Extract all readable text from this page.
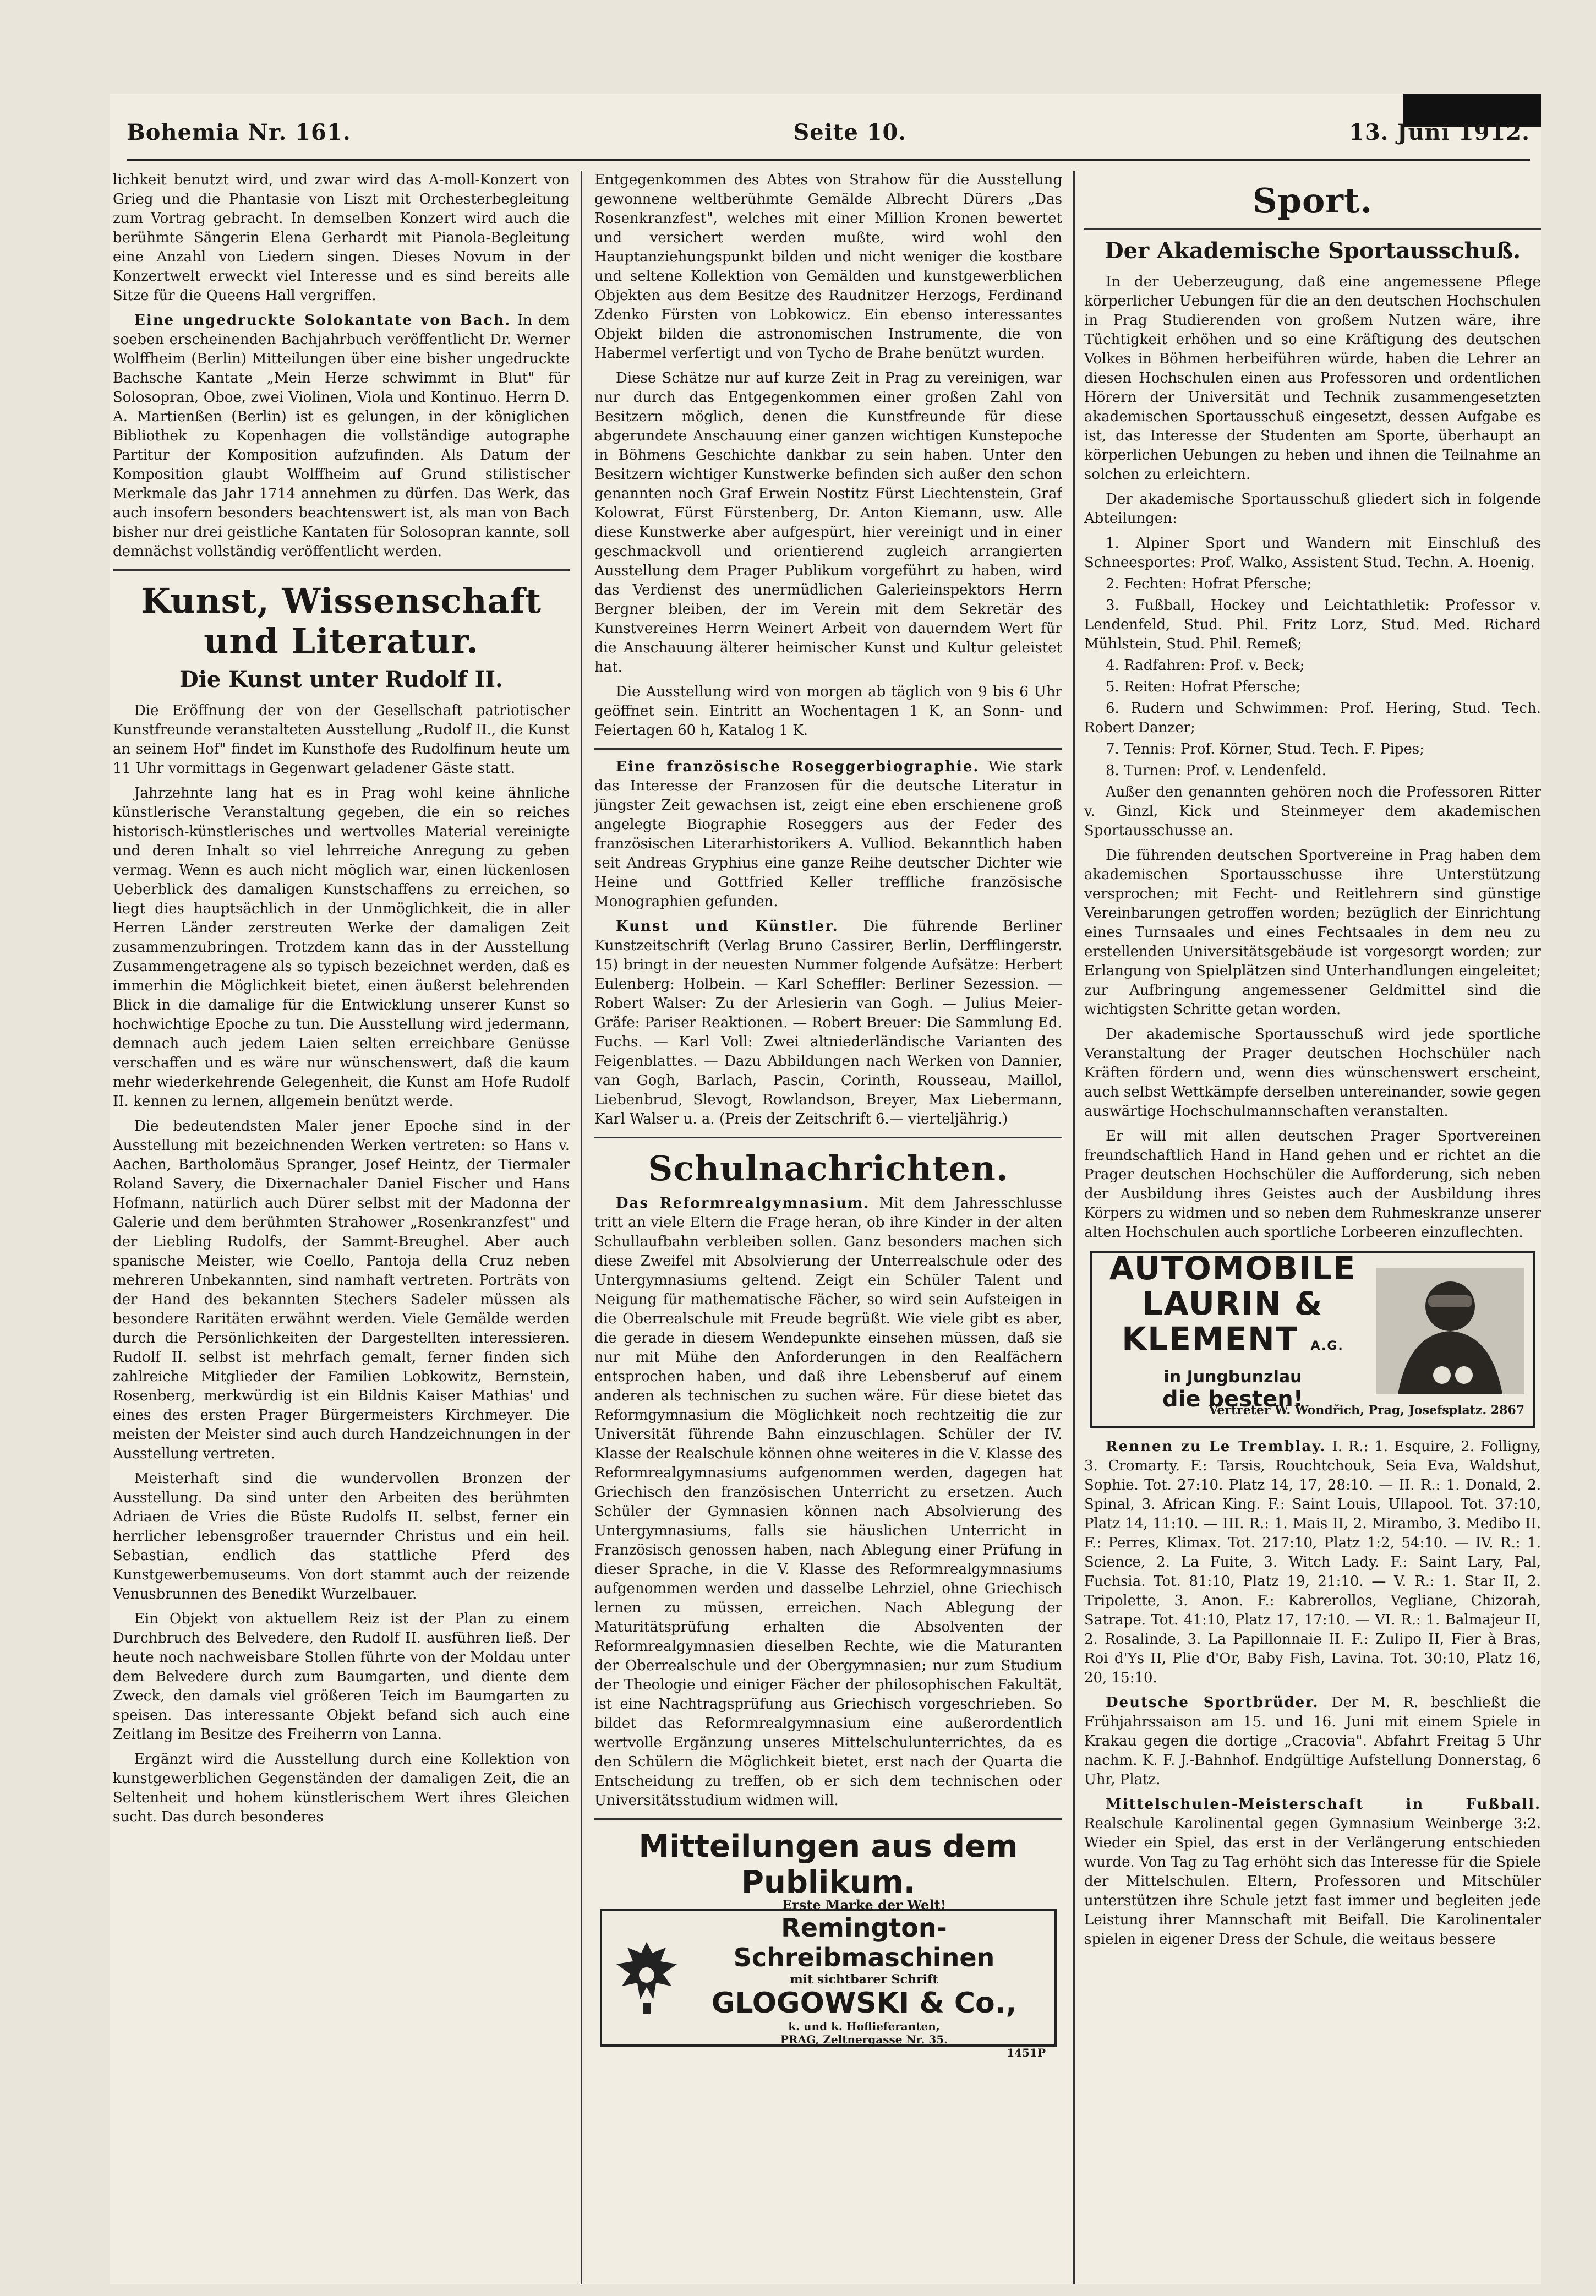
Bohemia Nr. 161.	Seite 10.	13. Juni 1912.

lichkeit benutzt wird, und zwar wird das A-moll-Konzert von Grieg und die Phantasie von Liszt mit Orchesterbegleitung zum Vortrag gebracht. In demselben Konzert wird auch die berühmte Sängerin Elena Gerhardt mit Pianola-Begleitung eine Anzahl von Liedern singen. Dieses Novum in der Konzertwelt erweckt viel Interesse und es sind bereits alle Sitze für die Queens Hall vergriffen.

Eine ungedruckte Solokantate von Bach. In dem soeben erscheinenden Bachjahrbuch veröffentlicht Dr. Werner Wolffheim (Berlin) Mitteilungen über eine bisher ungedruckte Bachsche Kantate „Mein Herze schwimmt in Blut" für Solosopran, Oboe, zwei Violinen, Viola und Kontinuo. Herrn D. A. Martienßen (Berlin) ist es gelungen, in der königlichen Bibliothek zu Kopenhagen die vollständige autographe Partitur der Komposition aufzufinden. Als Datum der Komposition glaubt Wolffheim auf Grund stilistischer Merkmale das Jahr 1714 annehmen zu dürfen. Das Werk, das auch insofern besonders beachtenswert ist, als man von Bach bisher nur drei geistliche Kantaten für Solosopran kannte, soll demnächst vollständig veröffentlicht werden.

Kunst, Wissenschaft und Literatur.
Die Kunst unter Rudolf II.

Die Eröffnung der von der Gesellschaft patriotischer Kunstfreunde veranstalteten Ausstellung „Rudolf II., die Kunst an seinem Hof" findet im Kunsthofe des Rudolfinum heute um 11 Uhr vormittags in Gegenwart geladener Gäste statt.

Jahrzehnte lang hat es in Prag wohl keine ähnliche künstlerische Veranstaltung gegeben, die ein so reiches historisch-künstlerisches und wertvolles Material vereinigte und deren Inhalt so viel lehrreiche Anregung zu geben vermag. Wenn es auch nicht möglich war, einen lückenlosen Ueberblick des damaligen Kunstschaffens zu erreichen, so liegt dies hauptsächlich in der Unmöglichkeit, die in aller Herren Länder zerstreuten Werke der damaligen Zeit zusammenzubringen. Trotzdem kann das in der Ausstellung Zusammengetragene als so typisch bezeichnet werden, daß es immerhin die Möglichkeit bietet, einen äußerst belehrenden Blick in die damalige für die Entwicklung unserer Kunst so hochwichtige Epoche zu tun. Die Ausstellung wird jedermann, demnach auch jedem Laien selten erreichbare Genüsse verschaffen und es wäre nur wünschenswert, daß die kaum mehr wiederkehrende Gelegenheit, die Kunst am Hofe Rudolf II. kennen zu lernen, allgemein benützt werde.

Die bedeutendsten Maler jener Epoche sind in der Ausstellung mit bezeichnenden Werken vertreten: so Hans v. Aachen, Bartholomäus Spranger, Josef Heintz, der Tiermaler Roland Savery, die Dixernachaler Daniel Fischer und Hans Hofmann, natürlich auch Dürer selbst mit der Madonna der Galerie und dem berühmten Strahower „Rosenkranzfest" und der Liebling Rudolfs, der Sammt-Breughel. Aber auch spanische Meister, wie Coello, Pantoja della Cruz neben mehreren Unbekannten, sind namhaft vertreten. Porträts von der Hand des bekannten Stechers Sadeler müssen als besondere Raritäten erwähnt werden. Viele Gemälde werden durch die Persönlichkeiten der Dargestellten interessieren. Rudolf II. selbst ist mehrfach gemalt, ferner finden sich zahlreiche Mitglieder der Familien Lobkowitz, Bernstein, Rosenberg, merkwürdig ist ein Bildnis Kaiser Mathias' und eines des ersten Prager Bürgermeisters Kirchmeyer. Die meisten der Meister sind auch durch Handzeichnungen in der Ausstellung vertreten.

Meisterhaft sind die wundervollen Bronzen der Ausstellung. Da sind unter den Arbeiten des berühmten Adriaen de Vries die Büste Rudolfs II. selbst, ferner ein herrlicher lebensgroßer trauernder Christus und ein heil. Sebastian, endlich das stattliche Pferd des Kunstgewerbemuseums. Von dort stammt auch der reizende Venusbrunnen des Benedikt Wurzelbauer.

Ein Objekt von aktuellem Reiz ist der Plan zu einem Durchbruch des Belvedere, den Rudolf II. ausführen ließ. Der heute noch nachweisbare Stollen führte von der Moldau unter dem Belvedere durch zum Baumgarten, und diente dem Zweck, den damals viel größeren Teich im Baumgarten zu speisen. Das interessante Objekt befand sich auch eine Zeitlang im Besitze des Freiherrn von Lanna.

Ergänzt wird die Ausstellung durch eine Kollektion von kunstgewerblichen Gegenständen der damaligen Zeit, die an Seltenheit und hohem künstlerischem Wert ihres Gleichen sucht. Das durch besonderes

Entgegenkommen des Abtes von Strahow für die Ausstellung gewonnene weltberühmte Gemälde Albrecht Dürers „Das Rosenkranzfest", welches mit einer Million Kronen bewertet und versichert werden mußte, wird wohl den Hauptanziehungspunkt bilden und nicht weniger die kostbare und seltene Kollektion von Gemälden und kunstgewerblichen Objekten aus dem Besitze des Raudnitzer Herzogs, Ferdinand Zdenko Fürsten von Lobkowicz. Ein ebenso interessantes Objekt bilden die astronomischen Instrumente, die von Habermel verfertigt und von Tycho de Brahe benützt wurden.

Diese Schätze nur auf kurze Zeit in Prag zu vereinigen, war nur durch das Entgegenkommen einer großen Zahl von Besitzern möglich, denen die Kunstfreunde für diese abgerundete Anschauung einer ganzen wichtigen Kunstepoche in Böhmens Geschichte dankbar zu sein haben. Unter den Besitzern wichtiger Kunstwerke befinden sich außer den schon genannten noch Graf Erwein Nostitz Fürst Liechtenstein, Graf Kolowrat, Fürst Fürstenberg, Dr. Anton Kiemann, usw. Alle diese Kunstwerke aber aufgespürt, hier vereinigt und in einer geschmackvoll und orientierend zugleich arrangierten Ausstellung dem Prager Publikum vorgeführt zu haben, wird das Verdienst des unermüdlichen Galerieinspektors Herrn Bergner bleiben, der im Verein mit dem Sekretär des Kunstvereines Herrn Weinert Arbeit von dauerndem Wert für die Anschauung älterer heimischer Kunst und Kultur geleistet hat.

Die Ausstellung wird von morgen ab täglich von 9 bis 6 Uhr geöffnet sein. Eintritt an Wochentagen 1 K, an Sonn- und Feiertagen 60 h, Katalog 1 K.

Eine französische Roseggerbiographie. Wie stark das Interesse der Franzosen für die deutsche Literatur in jüngster Zeit gewachsen ist, zeigt eine eben erschienene groß angelegte Biographie Roseggers aus der Feder des französischen Literarhistorikers A. Vulliod. Bekanntlich haben seit Andreas Gryphius eine ganze Reihe deutscher Dichter wie Heine und Gottfried Keller treffliche französische Monographien gefunden.

Kunst und Künstler. Die führende Berliner Kunstzeitschrift (Verlag Bruno Cassirer, Berlin, Derfflingerstr. 15) bringt in der neuesten Nummer folgende Aufsätze: Herbert Eulenberg: Holbein. — Karl Scheffler: Berliner Sezession. — Robert Walser: Zu der Arlesierin van Gogh. — Julius Meier-Gräfe: Pariser Reaktionen. — Robert Breuer: Die Sammlung Ed. Fuchs. — Karl Voll: Zwei altniederländische Varianten des Feigenblattes. — Dazu Abbildungen nach Werken von Dannier, van Gogh, Barlach, Pascin, Corinth, Rousseau, Maillol, Liebenbrud, Slevogt, Rowlandson, Breyer, Max Liebermann, Karl Walser u. a. (Preis der Zeitschrift 6.— vierteljährig.)

Schulnachrichten.

Das Reformrealgymnasium. Mit dem Jahresschlusse tritt an viele Eltern die Frage heran, ob ihre Kinder in der alten Schullaufbahn verbleiben sollen. Ganz besonders machen sich diese Zweifel mit Absolvierung der Unterrealschule oder des Untergymnasiums geltend. Zeigt ein Schüler Talent und Neigung für mathematische Fächer, so wird sein Aufsteigen in die Oberrealschule mit Freude begrüßt. Wie viele gibt es aber, die gerade in diesem Wendepunkte einsehen müssen, daß sie nur mit Mühe den Anforderungen in den Realfächern entsprochen haben, und daß ihre Lebensberuf auf einem anderen als technischen zu suchen wäre. Für diese bietet das Reformgymnasium die Möglichkeit noch rechtzeitig die zur Universität führende Bahn einzuschlagen. Schüler der IV. Klasse der Realschule können ohne weiteres in die V. Klasse des Reformrealgymnasiums aufgenommen werden, dagegen hat Griechisch den französischen Unterricht zu ersetzen. Auch Schüler der Gymnasien können nach Absolvierung des Untergymnasiums, falls sie häuslichen Unterricht in Französisch genossen haben, nach Ablegung einer Prüfung in dieser Sprache, in die V. Klasse des Reformrealgymnasiums aufgenommen werden und dasselbe Lehrziel, ohne Griechisch lernen zu müssen, erreichen. Nach Ablegung der Maturitätsprüfung erhalten die Absolventen der Reformrealgymnasien dieselben Rechte, wie die Maturanten der Oberrealschule und der Obergymnasien; nur zum Studium der Theologie und einiger Fächer der philosophischen Fakultät, ist eine Nachtragsprüfung aus Griechisch vorgeschrieben. So bildet das Reformrealgymnasium eine außerordentlich wertvolle Ergänzung unseres Mittelschulunterrichtes, da es den Schülern die Möglichkeit bietet, erst nach der Quarta die Entscheidung zu treffen, ob er sich dem technischen oder Universitätsstudium widmen will.

Mitteilungen aus dem Publikum.
Erste Marke der Welt!
Remington-Schreibmaschinen
mit sichtbarer Schrift
GLOGOWSKI & Co.,
k. und k. Hoflieferanten,
PRAG, Zeltnergasse Nr. 35.
1451P
Sport.
Der Akademische Sportausschuß.

In der Ueberzeugung, daß eine angemessene Pflege körperlicher Uebungen für die an den deutschen Hochschulen in Prag Studierenden von großem Nutzen wäre, ihre Tüchtigkeit erhöhen und so eine Kräftigung des deutschen Volkes in Böhmen herbeiführen würde, haben die Lehrer an diesen Hochschulen einen aus Professoren und ordentlichen Hörern der Universität und Technik zusammengesetzten akademischen Sportausschuß eingesetzt, dessen Aufgabe es ist, das Interesse der Studenten am Sporte, überhaupt an körperlichen Uebungen zu heben und ihnen die Teilnahme an solchen zu erleichtern.

Der akademische Sportausschuß gliedert sich in folgende Abteilungen:

1. Alpiner Sport und Wandern mit Einschluß des Schneesportes: Prof. Walko, Assistent Stud. Techn. A. Hoenig.
2. Fechten: Hofrat Pfersche;
3. Fußball, Hockey und Leichtathletik: Professor v. Lendenfeld, Stud. Phil. Fritz Lorz, Stud. Med. Richard Mühlstein, Stud. Phil. Remeß;
4. Radfahren: Prof. v. Beck;
5. Reiten: Hofrat Pfersche;
6. Rudern und Schwimmen: Prof. Hering, Stud. Tech. Robert Danzer;
7. Tennis: Prof. Körner, Stud. Tech. F. Pipes;
8. Turnen: Prof. v. Lendenfeld.

Außer den genannten gehören noch die Professoren Ritter v. Ginzl, Kick und Steinmeyer dem akademischen Sportausschusse an.

Die führenden deutschen Sportvereine in Prag haben dem akademischen Sportausschusse ihre Unterstützung versprochen; mit Fecht- und Reitlehrern sind günstige Vereinbarungen getroffen worden; bezüglich der Einrichtung eines Turnsaales und eines Fechtsaales in dem neu zu erstellenden Universitätsgebäude ist vorgesorgt worden; zur Erlangung von Spielplätzen sind Unterhandlungen eingeleitet; zur Aufbringung angemessener Geldmittel sind die wichtigsten Schritte getan worden.

Der akademische Sportausschuß wird jede sportliche Veranstaltung der Prager deutschen Hochschüler nach Kräften fördern und, wenn dies wünschenswert erscheint, auch selbst Wettkämpfe derselben untereinander, sowie gegen auswärtige Hochschulmannschaften veranstalten.

Er will mit allen deutschen Prager Sportvereinen freundschaftlich Hand in Hand gehen und er richtet an die Prager deutschen Hochschüler die Aufforderung, sich neben der Ausbildung ihres Geistes auch der Ausbildung ihres Körpers zu widmen und so neben dem Ruhmeskranze unserer alten Hochschulen auch sportliche Lorbeeren einzuflechten.

AUTOMOBILE
LAURIN &
KLEMENT A.G.
in Jungbunzlau
die besten!
Vertreter W. Wondřich, Prag, Josefsplatz. 2867

Rennen zu Le Tremblay. I. R.: 1. Esquire, 2. Folligny, 3. Cromarty. F.: Tarsis, Rouchtchouk, Seia Eva, Waldshut, Sophie. Tot. 27:10. Platz 14, 17, 28:10. — II. R.: 1. Donald, 2. Spinal, 3. African King. F.: Saint Louis, Ullapool. Tot. 37:10, Platz 14, 11:10. — III. R.: 1. Mais II, 2. Mirambo, 3. Medibo II. F.: Perres, Klimax. Tot. 217:10, Platz 1:2, 54:10. — IV. R.: 1. Science, 2. La Fuite, 3. Witch Lady. F.: Saint Lary, Pal, Fuchsia. Tot. 81:10, Platz 19, 21:10. — V. R.: 1. Star II, 2. Tripolette, 3. Anon. F.: Kabrerollos, Vegliane, Chizorah, Satrape. Tot. 41:10, Platz 17, 17:10. — VI. R.: 1. Balmajeur II, 2. Rosalinde, 3. La Papillonnaie II. F.: Zulipo II, Fier à Bras, Roi d'Ys II, Plie d'Or, Baby Fish, Lavina. Tot. 30:10, Platz 16, 20, 15:10.

Deutsche Sportbrüder. Der M. R. beschließt die Frühjahrssaison am 15. und 16. Juni mit einem Spiele in Krakau gegen die dortige „Cracovia". Abfahrt Freitag 5 Uhr nachm. K. F. J.-Bahnhof. Endgültige Aufstellung Donnerstag, 6 Uhr, Platz.

Mittelschulen-Meisterschaft in Fußball. Realschule Karolinental gegen Gymnasium Weinberge 3:2. Wieder ein Spiel, das erst in der Verlängerung entschieden wurde. Von Tag zu Tag erhöht sich das Interesse für die Spiele der Mittelschulen. Eltern, Professoren und Mitschüler unterstützen ihre Schule jetzt fast immer und begleiten jede Leistung ihrer Mannschaft mit Beifall. Die Karolinentaler spielen in eigener Dress der Schule, die weitaus bessere
